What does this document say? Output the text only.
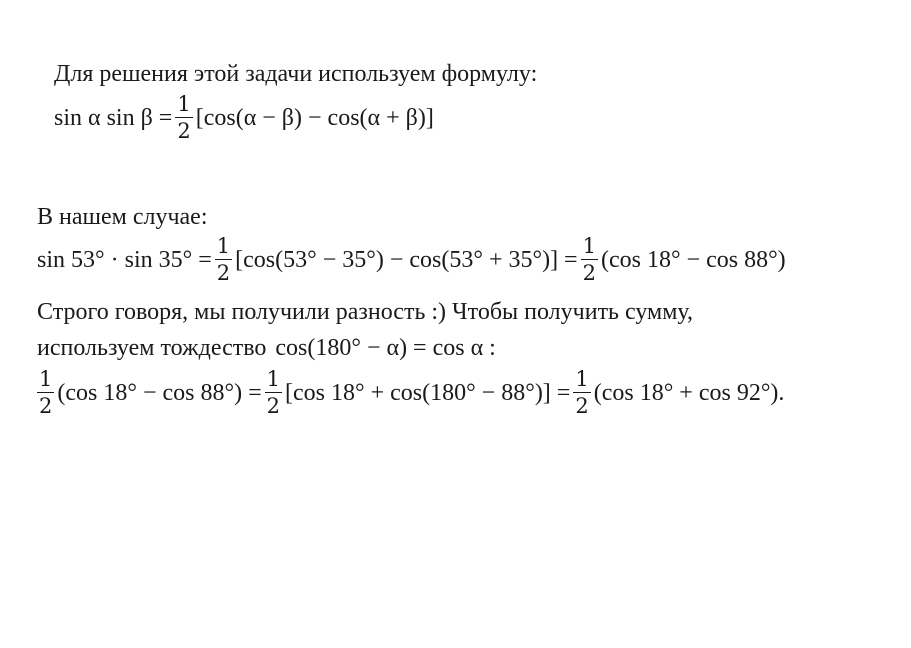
Для решения этой задачи используем формулу:
sin α $\sin \beta = \frac{1}{2} [\cos(\alpha - \beta) - \cos(\alpha + \beta)]$
В нашем случае:
$\sin 53^\circ \cdot \sin 35^\circ = \frac{1}{2} [\cos(53^\circ - 35^\circ) - \cos(53^\circ + 35^\circ)] = \frac{1}{2} (\cos$ 18° − cos 88°)
Строго говоря, мы получили разность :) Чтобы получить сумму,
используем тождество cos(180° − α) = cos α :
$\frac{1}{2} (\cos$ $18^\circ - \cos 88^\circ) = \frac{1}{2} [\cos$ $18^\circ + \cos(180^\circ - 88^\circ)] = \frac{1}{2} (\cos$ 18° + cos 92°).
